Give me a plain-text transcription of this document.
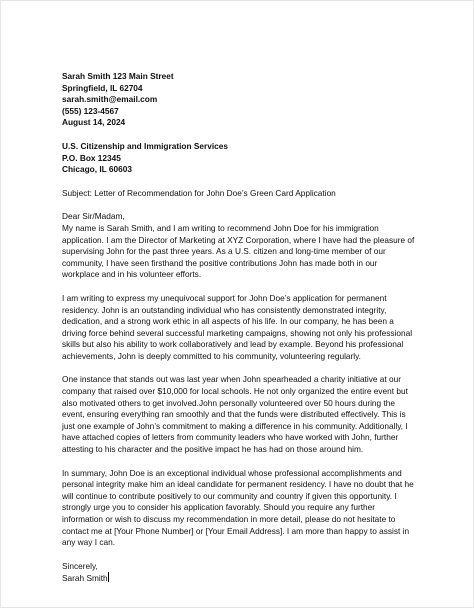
Sarah Smith 123 Main Street
Springfield, IL 62704
sarah.smith@email.com
(555) 123-4567
August 14, 2024
U.S. Citizenship and Immigration Services
P.O. Box 12345
Chicago, IL 60603
Subject: Letter of Recommendation for John Doe’s Green Card Application
Dear Sir/Madam,
My name is Sarah Smith, and I am writing to recommend John Doe for his immigration
application. I am the Director of Marketing at XYZ Corporation, where I have had the pleasure of
supervising John for the past three years. As a U.S. citizen and long-time member of our
community, I have seen firsthand the positive contributions John has made both in our
workplace and in his volunteer efforts.
I am writing to express my unequivocal support for John Doe’s application for permanent
residency. John is an outstanding individual who has consistently demonstrated integrity,
dedication, and a strong work ethic in all aspects of his life. In our company, he has been a
driving force behind several successful marketing campaigns, showing not only his professional
skills but also his ability to work collaboratively and lead by example. Beyond his professional
achievements, John is deeply committed to his community, volunteering regularly.
One instance that stands out was last year when John spearheaded a charity initiative at our
company that raised over $10,000 for local schools. He not only organized the entire event but
also motivated others to get involved.John personally volunteered over 50 hours during the
event, ensuring everything ran smoothly and that the funds were distributed effectively. This is
just one example of John’s commitment to making a difference in his community. Additionally, I
have attached copies of letters from community leaders who have worked with John, further
attesting to his character and the positive impact he has had on those around him.
In summary, John Doe is an exceptional individual whose professional accomplishments and
personal integrity make him an ideal candidate for permanent residency. I have no doubt that he
will continue to contribute positively to our community and country if given this opportunity. I
strongly urge you to consider his application favorably. Should you require any further
information or wish to discuss my recommendation in more detail, please do not hesitate to
contact me at [Your Phone Number] or [Your Email Address]. I am more than happy to assist in
any way I can.
Sincerely,
Sarah Smith
